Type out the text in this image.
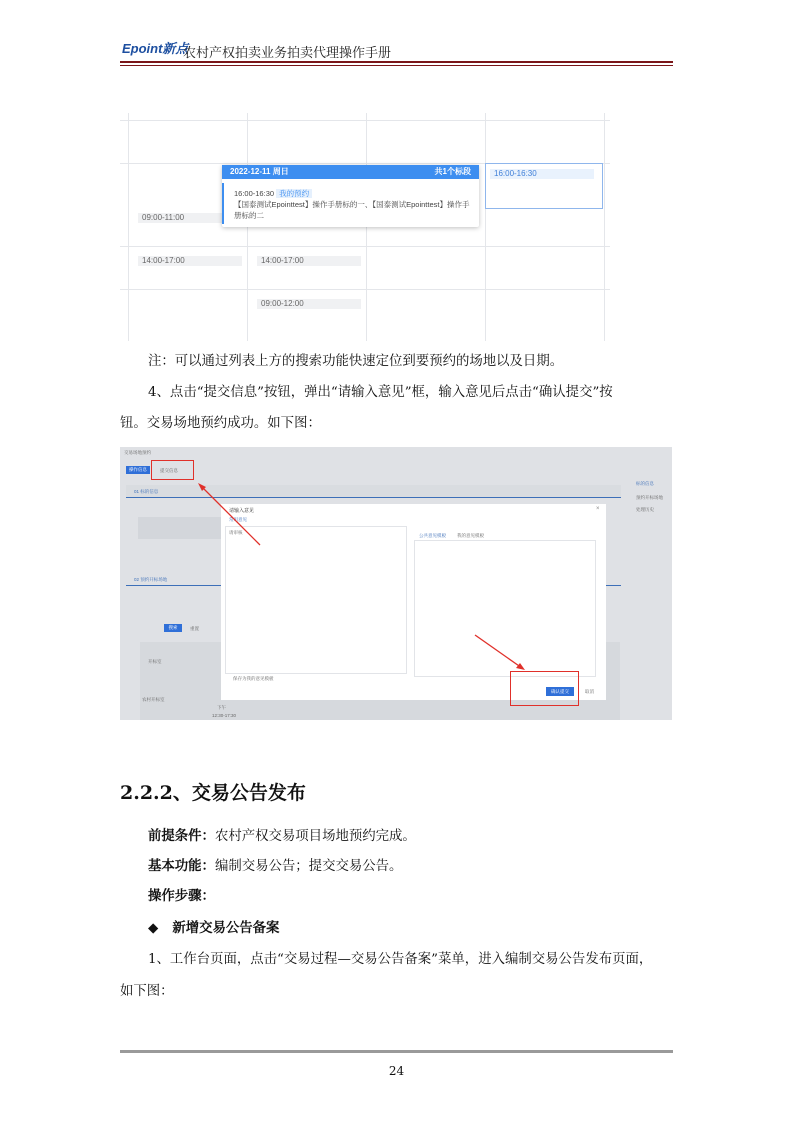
Epoint新点
农村产权拍卖业务拍卖代理操作手册
09:00-11:00
14:00-17:00	14:00-17:00
09:00-12:00
16:00-16:30
2022-12-11 周日	共1个标段
16:00-16:30 我的预约
【国泰测试Epointtest】操作手册标的一、【国泰测试Epointtest】操作手册标的二
注：可以通过列表上方的搜索功能快速定位到要预约的场地以及日期。
4、点击“提交信息”按钮，弹出“请输入意见”框，输入意见后点击“确认提交”按
钮。交易场地预约成功。如下图：
交易场地预约
操作信息	提交信息
01 标的信息
02 预约开标场地
搜索	重置
开标室
农村开标室
下午
12:30-17:30
标的信息
预约开标场地
处理历史
请输入意见	×
常用意见
请审核
公共意见模板 我的意见模板
保存为我的意见模板
确认提交	取消
2.2.2、交易公告发布
前提条件：农村产权交易项目场地预约完成。
基本功能：编制交易公告；提交交易公告。
操作步骤：
◆ 新增交易公告备案
1、工作台页面，点击“交易过程—交易公告备案”菜单，进入编制交易公告发布页面，
如下图：
24
